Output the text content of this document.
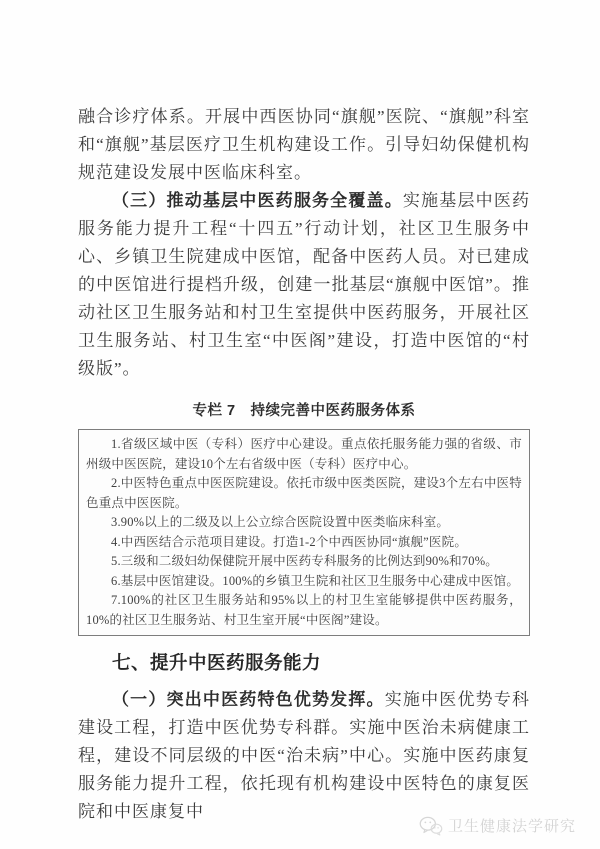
融合诊疗体系。开展中西医协同“旗舰”医院、“旗舰”科室和“旗舰”基层医疗卫生机构建设工作。引导妇幼保健机构规范建设发展中医临床科室。

（三）推动基层中医药服务全覆盖。实施基层中医药服务能力提升工程“十四五”行动计划，社区卫生服务中心、乡镇卫生院建成中医馆，配备中医药人员。对已建成的中医馆进行提档升级，创建一批基层“旗舰中医馆”。推动社区卫生服务站和村卫生室提供中医药服务，开展社区卫生服务站、村卫生室“中医阁”建设，打造中医馆的“村级版”。

专栏 7　持续完善中医药服务体系

1.省级区域中医（专科）医疗中心建设。重点依托服务能力强的省级、市州级中医医院，建设10个左右省级中医（专科）医疗中心。

2.中医特色重点中医医院建设。依托市级中医类医院，建设3个左右中医特色重点中医医院。

3.90%以上的二级及以上公立综合医院设置中医类临床科室。

4.中西医结合示范项目建设。打造1-2个中西医协同“旗舰”医院。

5.三级和二级妇幼保健院开展中医药专科服务的比例达到90%和70%。

6.基层中医馆建设。100%的乡镇卫生院和社区卫生服务中心建成中医馆。

7.100%的社区卫生服务站和95%以上的村卫生室能够提供中医药服务，10%的社区卫生服务站、村卫生室开展“中医阁”建设。

七、提升中医药服务能力

（一）突出中医药特色优势发挥。实施中医优势专科建设工程，打造中医优势专科群。实施中医治未病健康工程，建设不同层级的中医“治未病”中心。实施中医药康复服务能力提升工程，依托现有机构建设中医特色的康复医院和中医康复中

卫生健康法学研究
